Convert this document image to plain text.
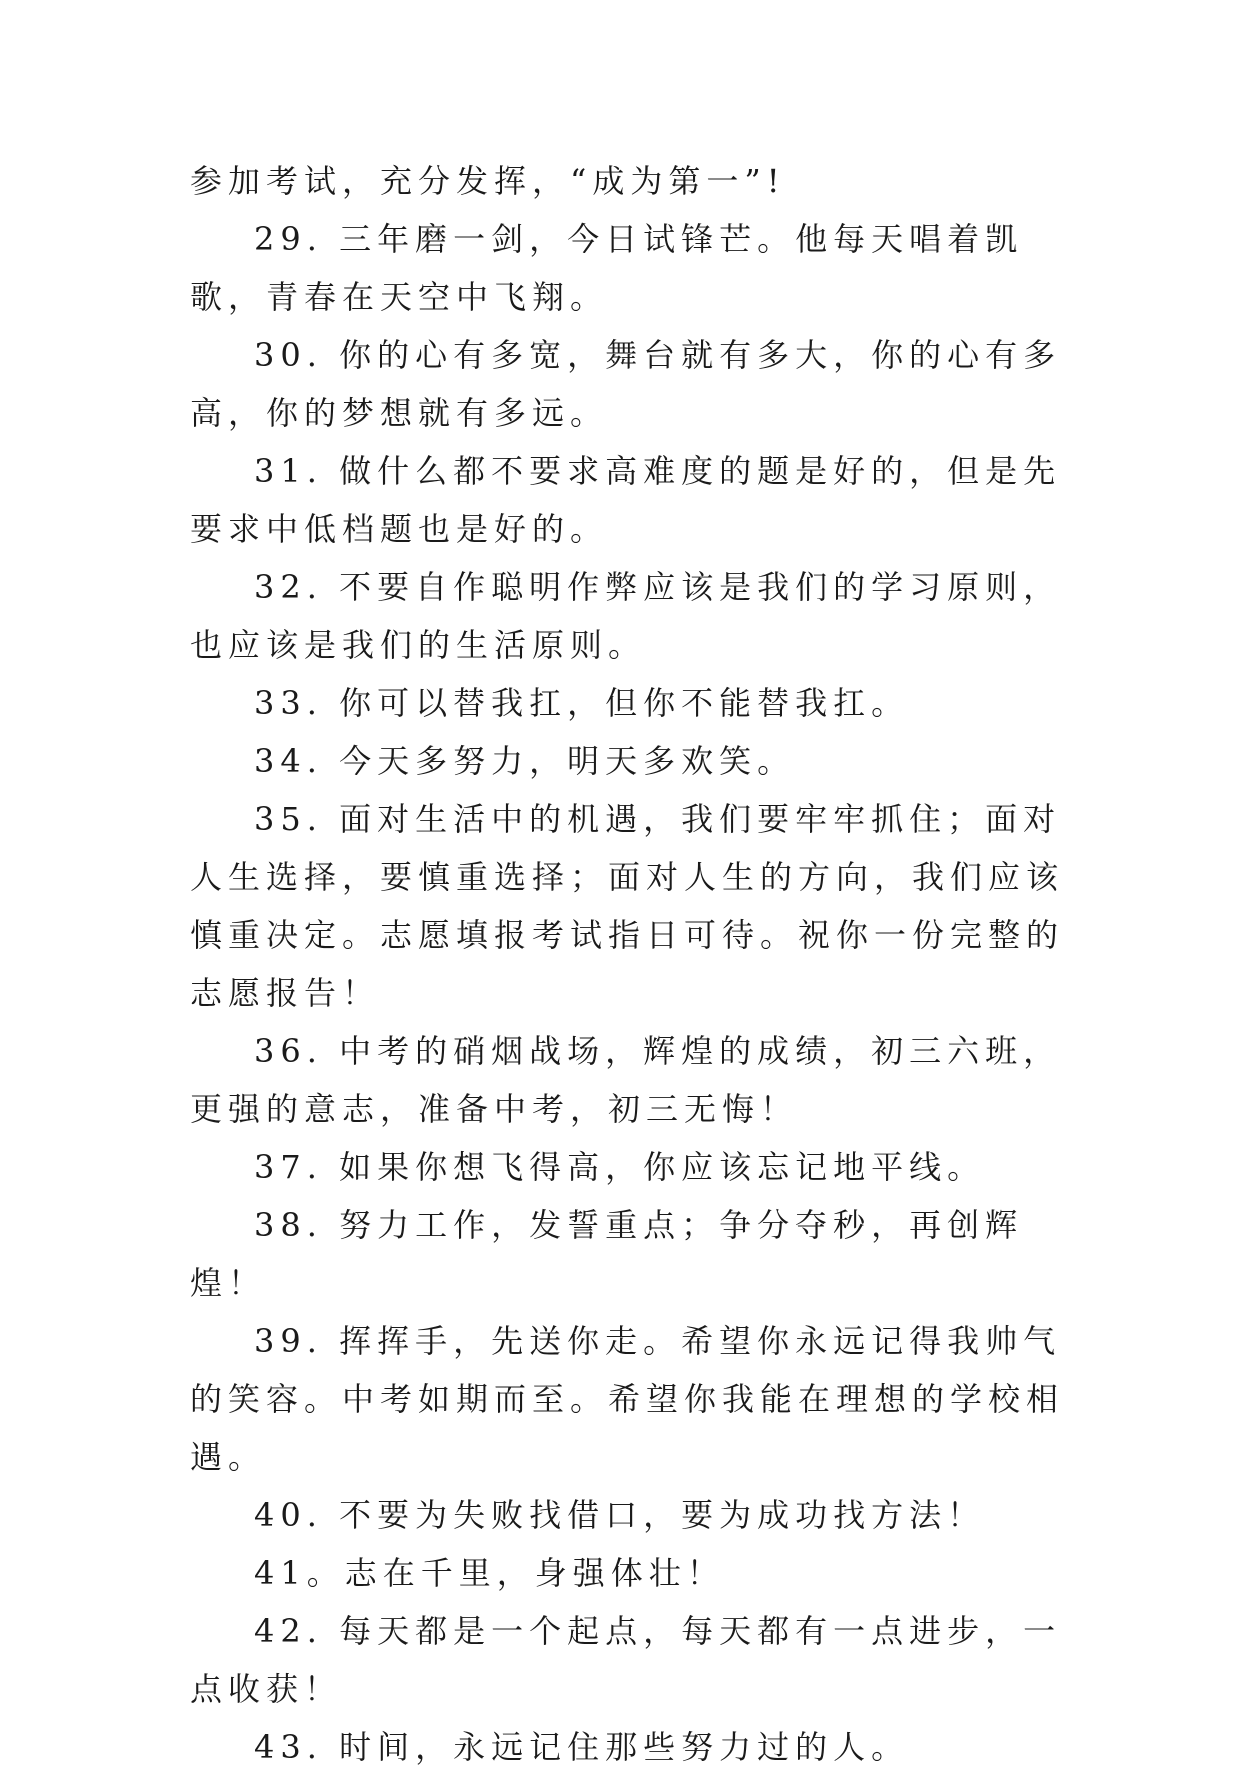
参加考试，充分发挥，“成为第一”!

29. 三年磨一剑，今日试锋芒。他每天唱着凯歌，青春在天空中飞翔。

30. 你的心有多宽，舞台就有多大，你的心有多高，你的梦想就有多远。

31. 做什么都不要求高难度的题是好的，但是先要求中低档题也是好的。

32. 不要自作聪明作弊应该是我们的学习原则，也应该是我们的生活原则。

33. 你可以替我扛，但你不能替我扛。

34. 今天多努力，明天多欢笑。

35. 面对生活中的机遇，我们要牢牢抓住；面对人生选择，要慎重选择；面对人生的方向，我们应该慎重决定。志愿填报考试指日可待。祝你一份完整的志愿报告！

36. 中考的硝烟战场，辉煌的成绩，初三六班，更强的意志，准备中考，初三无悔！

37. 如果你想飞得高，你应该忘记地平线。

38. 努力工作，发誓重点；争分夺秒，再创辉煌！

39. 挥挥手，先送你走。希望你永远记得我帅气的笑容。中考如期而至。希望你我能在理想的学校相遇。

40. 不要为失败找借口，要为成功找方法！

41。志在千里，身强体壮！

42. 每天都是一个起点，每天都有一点进步，一点收获！

43. 时间，永远记住那些努力过的人。
